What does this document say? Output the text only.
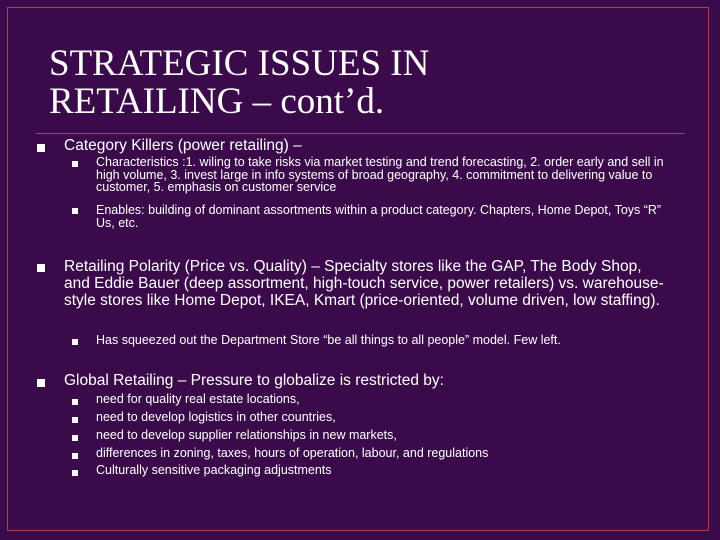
STRATEGIC ISSUES IN
RETAILING – cont’d.

Category Killers (power retailing) –

Characteristics :1. wiling to take risks via market testing and trend forecasting, 2. order early and sell in high volume, 3. invest large in info systems of broad geography, 4. commitment to delivering value to customer, 5. emphasis on customer service

Enables: building of dominant assortments within a product category. Chapters, Home Depot, Toys “R” Us, etc.

Retailing Polarity (Price vs. Quality) – Specialty stores like the GAP, The Body Shop, and Eddie Bauer (deep assortment, high-touch service, power retailers) vs. warehouse-style stores like Home Depot, IKEA, Kmart (price-oriented, volume driven, low staffing).

Has squeezed out the Department Store “be all things to all people” model. Few left.

Global Retailing – Pressure to globalize is restricted by:

need for quality real estate locations,

need to develop logistics in other countries,

need to develop supplier relationships in new markets,

differences in zoning, taxes, hours of operation, labour, and regulations

Culturally sensitive packaging adjustments
